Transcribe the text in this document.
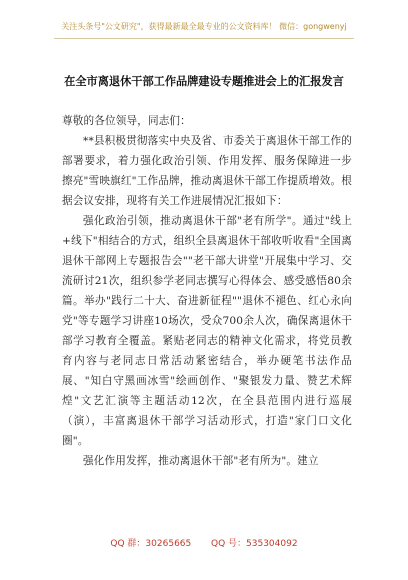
关注头条号"公文研究"，获得最新最全最专业的公文资料库！ 微信：gongwenyj
在全市离退休干部工作品牌建设专题推进会上的汇报发言

尊敬的各位领导，同志们：

**县积极贯彻落实中央及省、市委关于离退休干部工作的部署要求，着力强化政治引领、作用发挥、服务保障进一步擦亮"雪映旗红"工作品牌，推动离退休干部工作提质增效。根据会议安排，现将有关工作进展情况汇报如下：

强化政治引领，推动离退休干部"老有所学"。通过"线上+线下"相结合的方式，组织全县离退休干部收听收看"全国离退休干部网上专题报告会""老干部大讲堂"开展集中学习、交流研讨21次，组织参学老同志撰写心得体会、感受感悟80余篇。举办"践行二十大、奋进新征程""退休不褪色、红心永向党"等专题学习讲座10场次，受众700余人次，确保离退休干部学习教育全覆盖。紧贴老同志的精神文化需求，将党员教育内容与老同志日常活动紧密结合，举办硬笔书法作品展、"知白守黑画冰雪"绘画创作、"聚银发力量、赞艺术辉煌"文艺汇演等主题活动12次，在全县范围内进行巡展（演），丰富离退休干部学习活动形式，打造"家门口文化圈"。

强化作用发挥，推动离退休干部"老有所为"。建立

QQ 群：30265665 QQ 号：535304092
